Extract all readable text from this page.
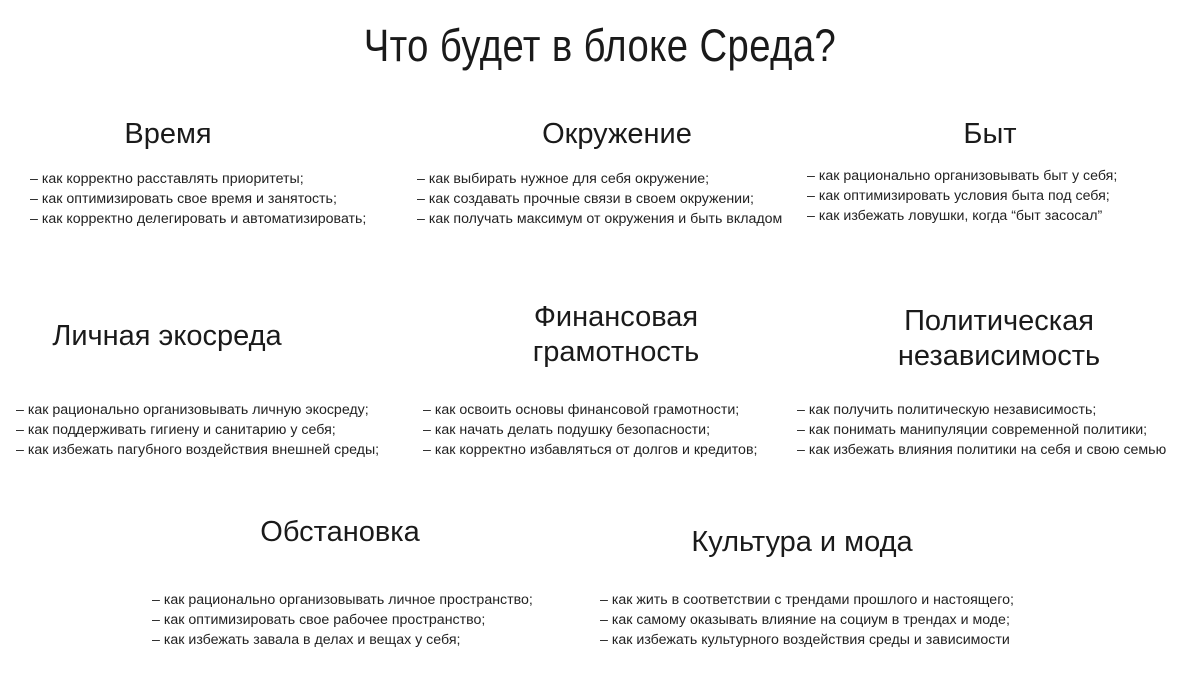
Что будет в блоке Среда?
Время
– как корректно расставлять приоритеты;
– как оптимизировать свое время и занятость;
– как корректно делегировать и автоматизировать;
Окружение
– как выбирать нужное для себя окружение;
– как создавать прочные связи в своем окружении;
– как получать максимум от окружения и быть вкладом
Быт
– как рационально организовывать быт у себя;
– как оптимизировать условия быта под себя;
– как избежать ловушки, когда “быт засосал”
Личная экосреда
– как рационально организовывать личную экосреду;
– как поддерживать гигиену и санитарию у себя;
– как избежать пагубного воздействия внешней среды;
Финансовая
грамотность
– как освоить основы финансовой грамотности;
– как начать делать подушку безопасности;
– как корректно избавляться от долгов и кредитов;
Политическая
независимость
– как получить политическую независимость;
– как понимать манипуляции современной политики;
– как избежать влияния политики на себя и свою семью
Обстановка
– как рационально организовывать личное пространство;
– как оптимизировать свое рабочее пространство;
– как избежать завала в делах и вещах у себя;
Культура и мода
– как жить в соответствии с трендами прошлого и настоящего;
– как самому оказывать влияние на социум в трендах и моде;
– как избежать культурного воздействия среды и зависимости
